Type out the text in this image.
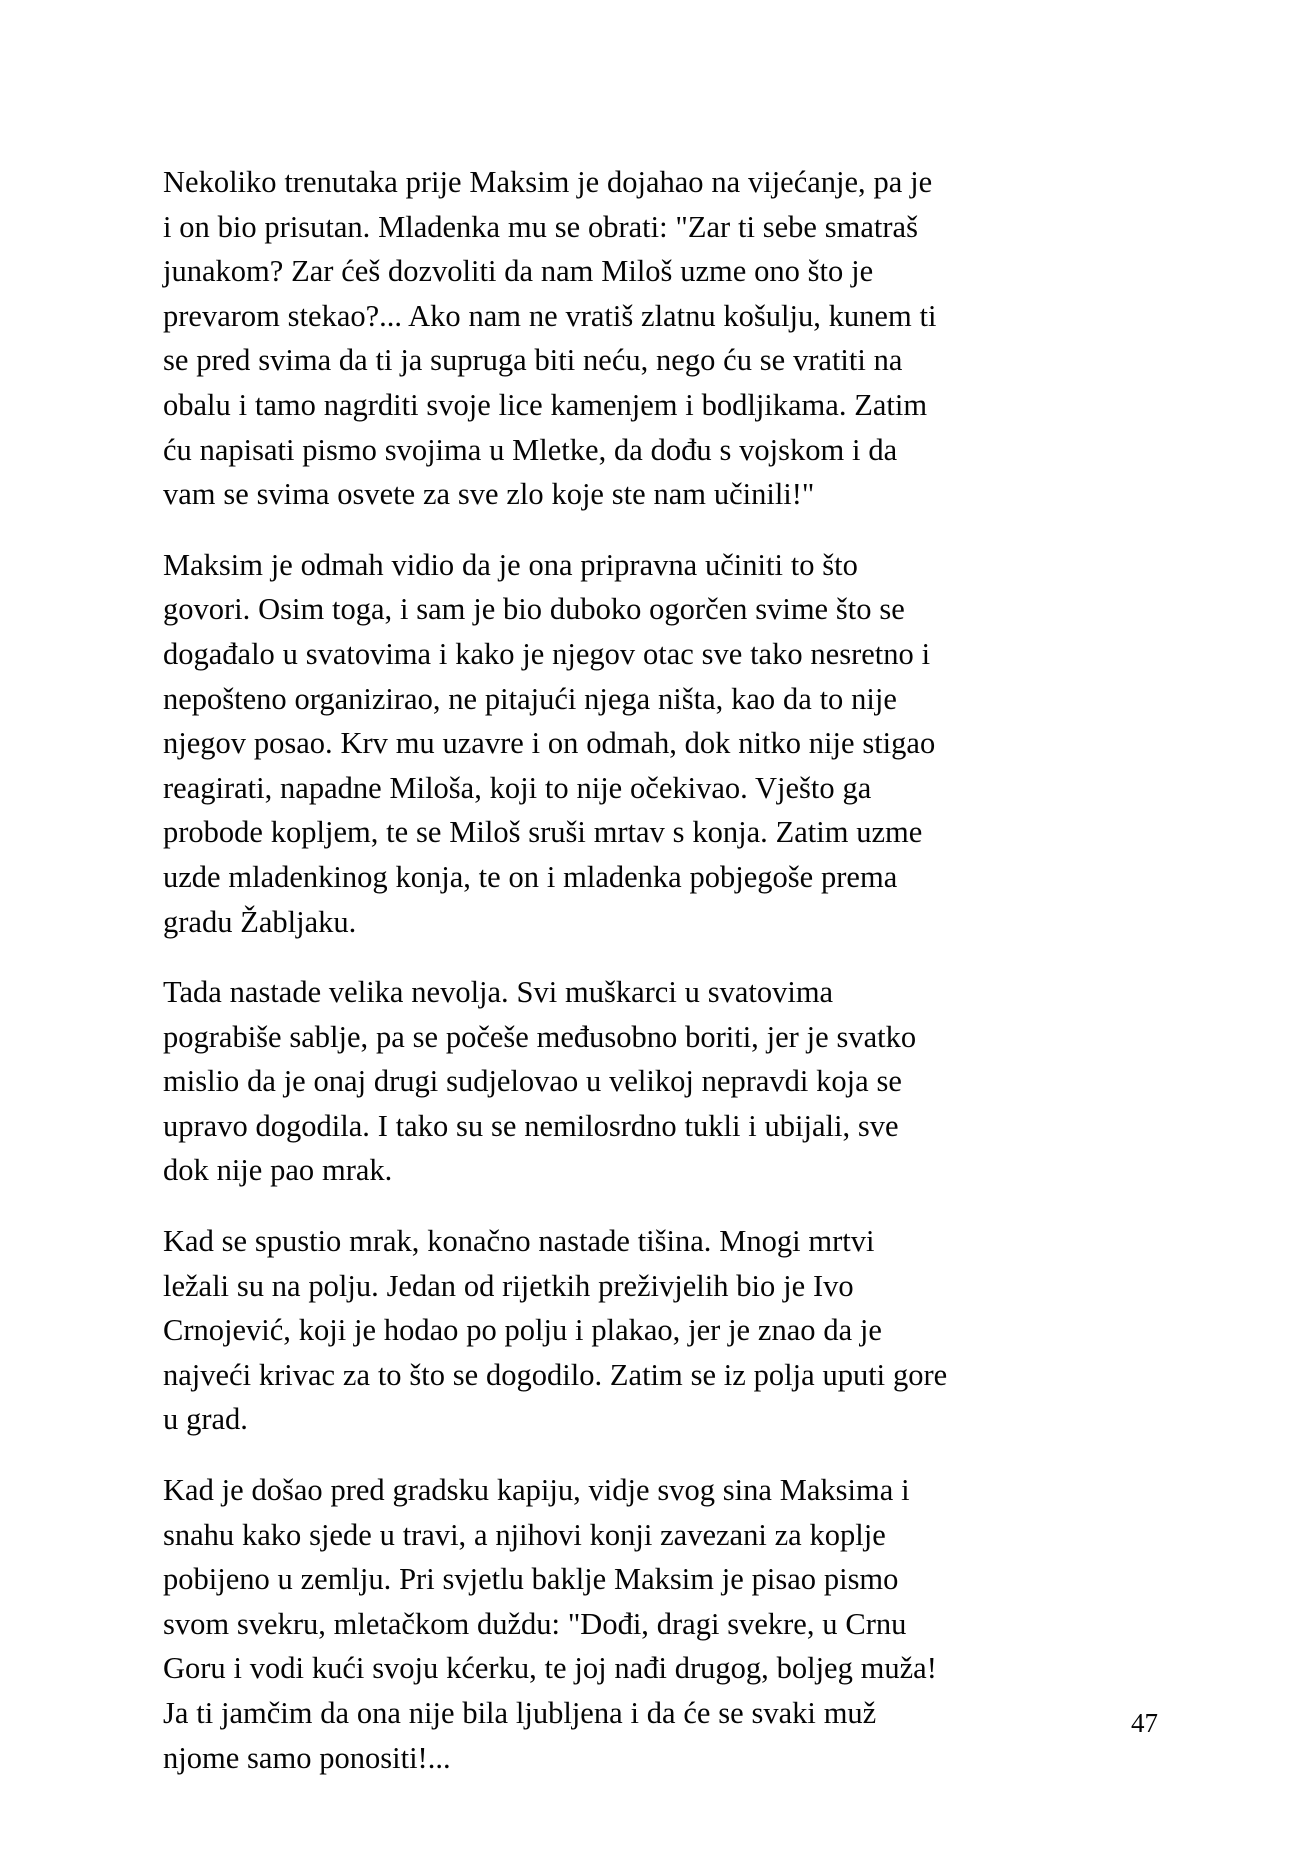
Nekoliko trenutaka prije Maksim je dojahao na vijećanje, pa je i on bio prisutan. Mladenka mu se obrati: "Zar ti sebe smatraš junakom? Zar ćeš dozvoliti da nam Miloš uzme ono što je prevarom stekao?... Ako nam ne vratiš zlatnu košulju, kunem ti se pred svima da ti ja supruga biti neću, nego ću se vratiti na obalu i tamo nagrditi svoje lice kamenjem i bodljikama. Zatim ću napisati pismo svojima u Mletke, da dođu s vojskom i da vam se svima osvete za sve zlo koje ste nam učinili!"

Maksim je odmah vidio da je ona pripravna učiniti to što govori. Osim toga, i sam je bio duboko ogorčen svime što se događalo u svatovima i kako je njegov otac sve tako nesretno i nepošteno organizirao, ne pitajući njega ništa, kao da to nije njegov posao. Krv mu uzavre i on odmah, dok nitko nije stigao reagirati, napadne Miloša, koji to nije očekivao. Vješto ga probode kopljem, te se Miloš sruši mrtav s konja. Zatim uzme uzde mladenkinog konja, te on i mladenka pobjegoše prema gradu Žabljaku.

Tada nastade velika nevolja. Svi muškarci u svatovima pograbiše sablje, pa se počeše međusobno boriti, jer je svatko mislio da je onaj drugi sudjelovao u velikoj nepravdi koja se upravo dogodila. I tako su se nemilosrdno tukli i ubijali, sve dok nije pao mrak.

Kad se spustio mrak, konačno nastade tišina. Mnogi mrtvi ležali su na polju. Jedan od rijetkih preživjelih bio je Ivo Crnojević, koji je hodao po polju i plakao, jer je znao da je najveći krivac za to što se dogodilo. Zatim se iz polja uputi gore u grad.

Kad je došao pred gradsku kapiju, vidje svog sina Maksima i snahu kako sjede u travi, a njihovi konji zavezani za koplje pobijeno u zemlju. Pri svjetlu baklje Maksim je pisao pismo svom svekru, mletačkom duždu: "Dođi, dragi svekre, u Crnu Goru i vodi kući svoju kćerku, te joj nađi drugog, boljeg muža! Ja ti jamčim da ona nije bila ljubljena i da će se svaki muž njome samo ponositi!...

47
